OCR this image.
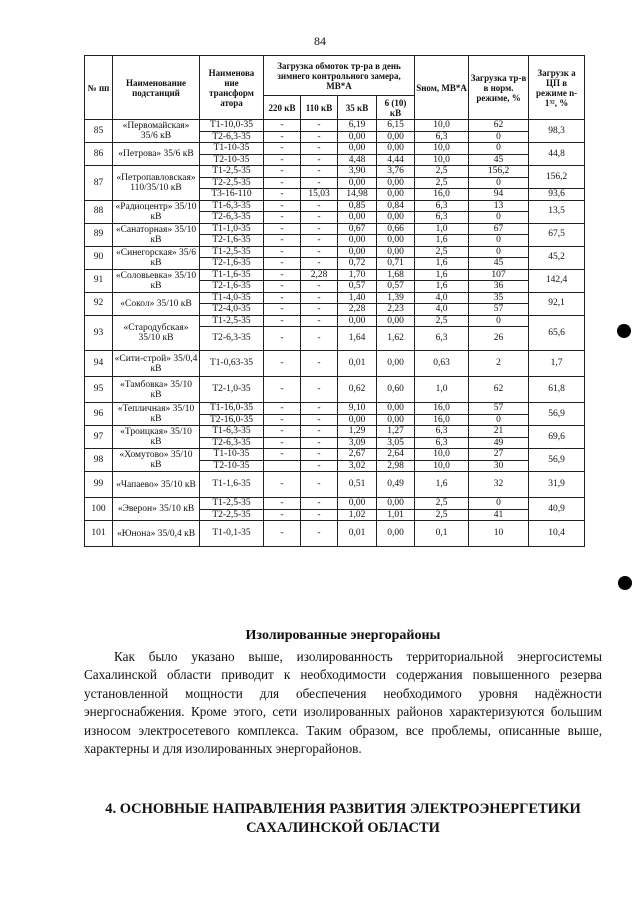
84
№ пп	Наименование подстанций	Наименова ние трансформ атора	Загрузка обмоток тр-ра в день зимнего контрольного замера, МВ*А				Sном, МВ*А	Загрузка тр-в в норм. режиме, %	Загрузк а ЦП в режиме n-1³², %
			220 кВ	110 кВ	35 кВ	6 (10) кВ			
85	«Первомайская» 35/6 кВ	Т1-10,0-35	-	-	6,19	6,15	10,0	62	98,3
		Т2-6,3-35	-	-	0,00	0,00	6,3	0	
86	«Петрова» 35/6 кВ	Т1-10-35	-	-	0,00	0,00	10,0	0	44,8
		Т2-10-35	-	-	4,48	4,44	10,0	45	
87	«Петропавловская» 110/35/10 кВ	Т1-2,5-35	-	-	3,90	3,76	2,5	156,2	156,2
		Т2-2,5-35	-	-	0,00	0,00	2,5	0	
		Т3-16-110	-	15,03	14,98	0,00	16,0	94	93,6
88	«Радиоцентр» 35/10 кВ	Т1-6,3-35	-	-	0,85	0,84	6,3	13	13,5
		Т2-6,3-35	-	-	0,00	0,00	6,3	0	
89	«Санаторная» 35/10 кВ	Т1-1,0-35	-	-	0,67	0,66	1,0	67	67,5
		Т2-1,6-35	-	-	0,00	0,00	1,6	0	
90	«Синегорская» 35/6 кВ	Т1-2,5-35	-	-	0,00	0,00	2,5	0	45,2
		Т2-1,6-35	-	-	0,72	0,71	1,6	45	
91	«Соловьевка» 35/10 кВ	Т1-1,6-35	-	2,28	1,70	1,68	1,6	107	142,4
		Т2-1,6-35	-	-	0,57	0,57	1,6	36	
92	«Сокол» 35/10 кВ	Т1-4,0-35	-	-	1,40	1,39	4,0	35	92,1
		Т2-4,0-35	-	-	2,28	2,23	4,0	57	
93	«Стародубская» 35/10 кВ	Т1-2,5-35	-	-	0,00	0,00	2,5	0	65,6
		Т2-6,3-35	-	-	1,64	1,62	6,3	26	
94	«Сити-строй» 35/0,4 кВ	Т1-0,63-35	-	-	0,01	0,00	0,63	2	1,7
95	«Тамбовка» 35/10 кВ	Т2-1,0-35	-	-	0,62	0,60	1,0	62	61,8
96	«Тепличная» 35/10 кВ	Т1-16,0-35	-	-	9,10	0,00	16,0	57	56,9
		Т2-16,0-35	-	-	0,00	0,00	16,0	0	
97	«Троицкая» 35/10 кВ	Т1-6,3-35	-	-	1,29	1,27	6,3	21	69,6
		Т2-6,3-35	-	-	3,09	3,05	6,3	49	
98	«Хомутово» 35/10 кВ	Т1-10-35	-	-	2,67	2,64	10,0	27	56,9
		Т2-10-35		-	3,02	2,98	10,0	30	
99	«Чапаево» 35/10 кВ	Т1-1,6-35	-	-	0,51	0,49	1,6	32	31,9
100	«Эверон» 35/10 кВ	Т1-2,5-35	-	-	0,00	0,00	2,5	0	40,9
		Т2-2,5-35	-	-	1,02	1,01	2,5	41	
101	«Юнона» 35/0,4 кВ	Т1-0,1-35	-	-	0,01	0,00	0,1	10	10,4
Изолированные энергорайоны
Как было указано выше, изолированность территориальной энергосистемы Сахалинской области приводит к необходимости содержания повышенного резерва установленной мощности для обеспечения необходимого уровня надёжности энергоснабжения. Кроме этого, сети изолированных районов характеризуются большим износом электросетевого комплекса. Таким образом, все проблемы, описанные выше, характерны и для изолированных энергорайонов.
4. ОСНОВНЫЕ НАПРАВЛЕНИЯ РАЗВИТИЯ ЭЛЕКТРОЭНЕРГЕТИКИ
САХАЛИНСКОЙ ОБЛАСТИ
